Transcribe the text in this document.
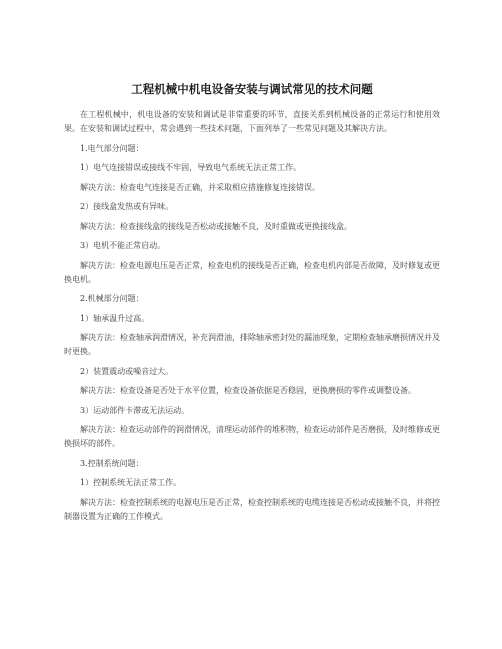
工程机械中机电设备安装与调试常见的技术问题

在工程机械中，机电设备的安装和调试是非常重要的环节，直接关系到机械设备的正常运行和使用效果。在安装和调试过程中，常会遇到一些技术问题，下面列举了一些常见问题及其解决方法。

1.电气部分问题：

1）电气连接错误或接线不牢固，导致电气系统无法正常工作。

解决方法：检查电气连接是否正确，并采取相应措施修复连接错误。

2）接线盒发热或有异味。

解决方法：检查接线盒的接线是否松动或接触不良，及时重做或更换接线盒。

3）电机不能正常启动。

解决方法：检查电源电压是否正常，检查电机的接线是否正确，检查电机内部是否故障，及时修复或更换电机。

2.机械部分问题：

1）轴承温升过高。

解决方法：检查轴承润滑情况，补充润滑油，排除轴承密封处的漏油现象，定期检查轴承磨损情况并及时更换。

2）装置震动或噪音过大。

解决方法：检查设备是否处于水平位置，检查设备依据是否稳固，更换磨损的零件或调整设备。

3）运动部件卡滞或无法运动。

解决方法：检查运动部件的润滑情况，清理运动部件的堆积物，检查运动部件是否磨损，及时维修或更换损坏的部件。

3.控制系统问题：

1）控制系统无法正常工作。

解决方法：检查控制系统的电源电压是否正常，检查控制系统的电缆连接是否松动或接触不良，并将控制器设置为正确的工作模式。
